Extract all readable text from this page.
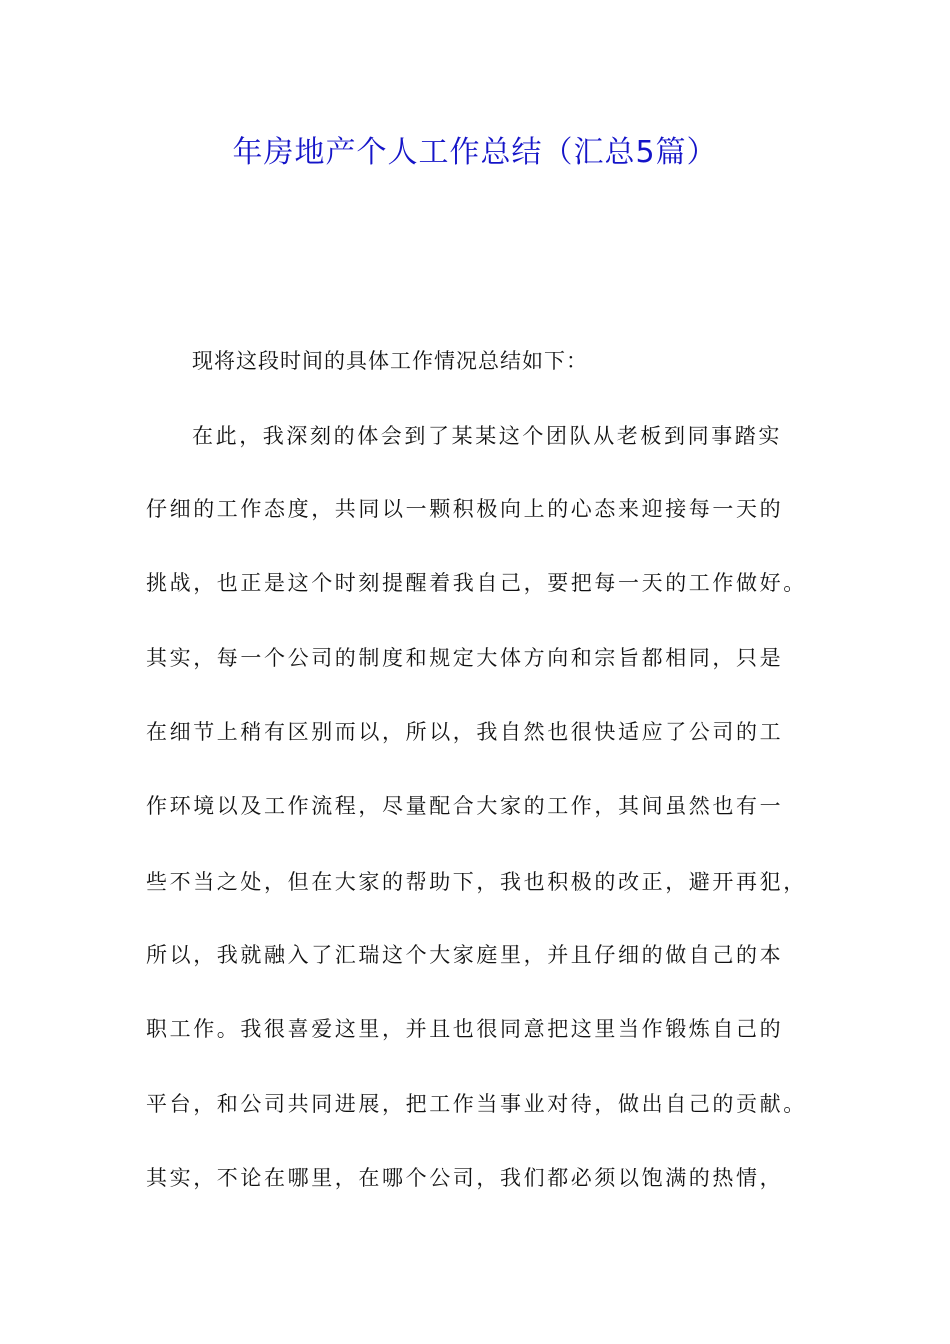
年房地产个人工作总结（汇总5篇）
现将这段时间的具体工作情况总结如下：
在此，我深刻的体会到了某某这个团队从老板到同事踏实
仔细的工作态度，共同以一颗积极向上的心态来迎接每一天的
挑战，也正是这个时刻提醒着我自己，要把每一天的工作做好。
其实，每一个公司的制度和规定大体方向和宗旨都相同，只是
在细节上稍有区别而以，所以，我自然也很快适应了公司的工
作环境以及工作流程，尽量配合大家的工作，其间虽然也有一
些不当之处，但在大家的帮助下，我也积极的改正，避开再犯，
所以，我就融入了汇瑞这个大家庭里，并且仔细的做自己的本
职工作。我很喜爱这里，并且也很同意把这里当作锻炼自己的
平台，和公司共同进展，把工作当事业对待，做出自己的贡献。
其实，不论在哪里，在哪个公司，我们都必须以饱满的热情，
